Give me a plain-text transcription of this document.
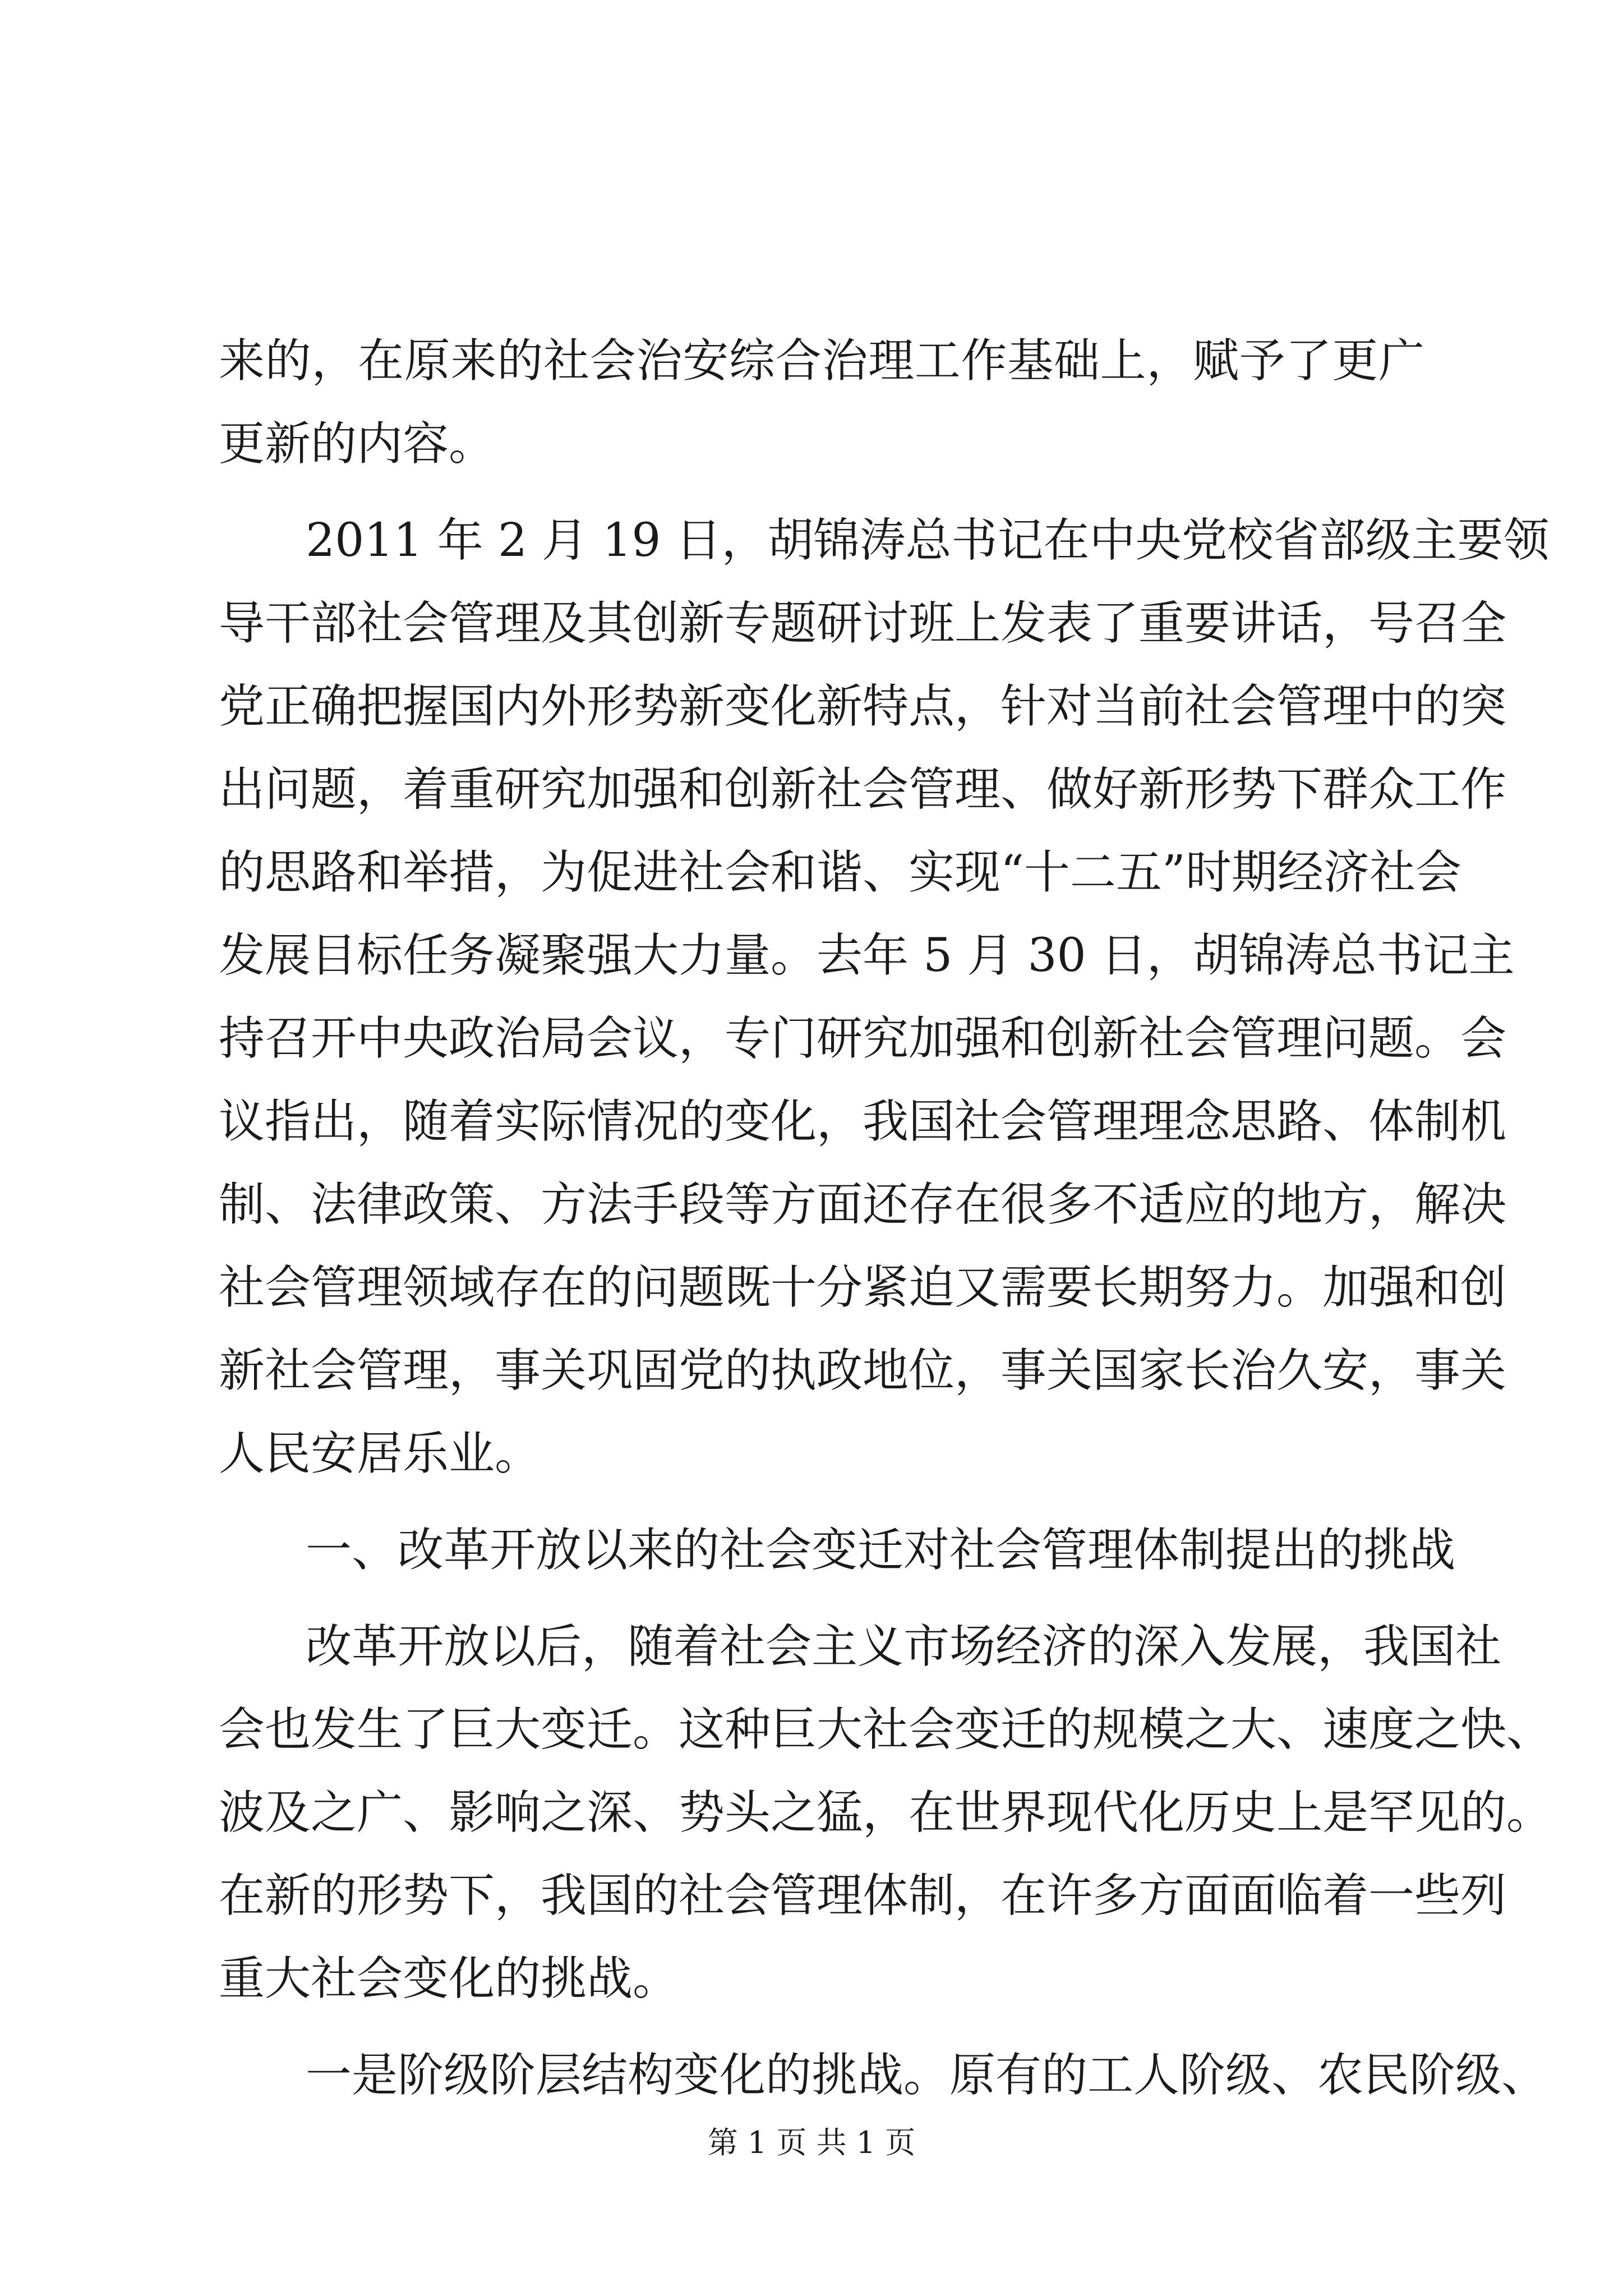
来的，在原来的社会治安综合治理工作基础上，赋予了更广
更新的内容。
2011 年 2 月 19 日，胡锦涛总书记在中央党校省部级主要领
导干部社会管理及其创新专题研讨班上发表了重要讲话，号召全
党正确把握国内外形势新变化新特点，针对当前社会管理中的突
出问题，着重研究加强和创新社会管理、做好新形势下群众工作
的思路和举措，为促进社会和谐、实现“十二五”时期经济社会
发展目标任务凝聚强大力量。去年 5 月 30 日，胡锦涛总书记主
持召开中央政治局会议，专门研究加强和创新社会管理问题。会
议指出，随着实际情况的变化，我国社会管理理念思路、体制机
制、法律政策、方法手段等方面还存在很多不适应的地方，解决
社会管理领域存在的问题既十分紧迫又需要长期努力。加强和创
新社会管理，事关巩固党的执政地位，事关国家长治久安，事关
人民安居乐业。
一、改革开放以来的社会变迁对社会管理体制提出的挑战
改革开放以后，随着社会主义市场经济的深入发展，我国社
会也发生了巨大变迁。这种巨大社会变迁的规模之大、速度之快、
波及之广、影响之深、势头之猛，在世界现代化历史上是罕见的。
在新的形势下，我国的社会管理体制，在许多方面面临着一些列
重大社会变化的挑战。
一是阶级阶层结构变化的挑战。原有的工人阶级、农民阶级、
第 1 页 共 1 页
